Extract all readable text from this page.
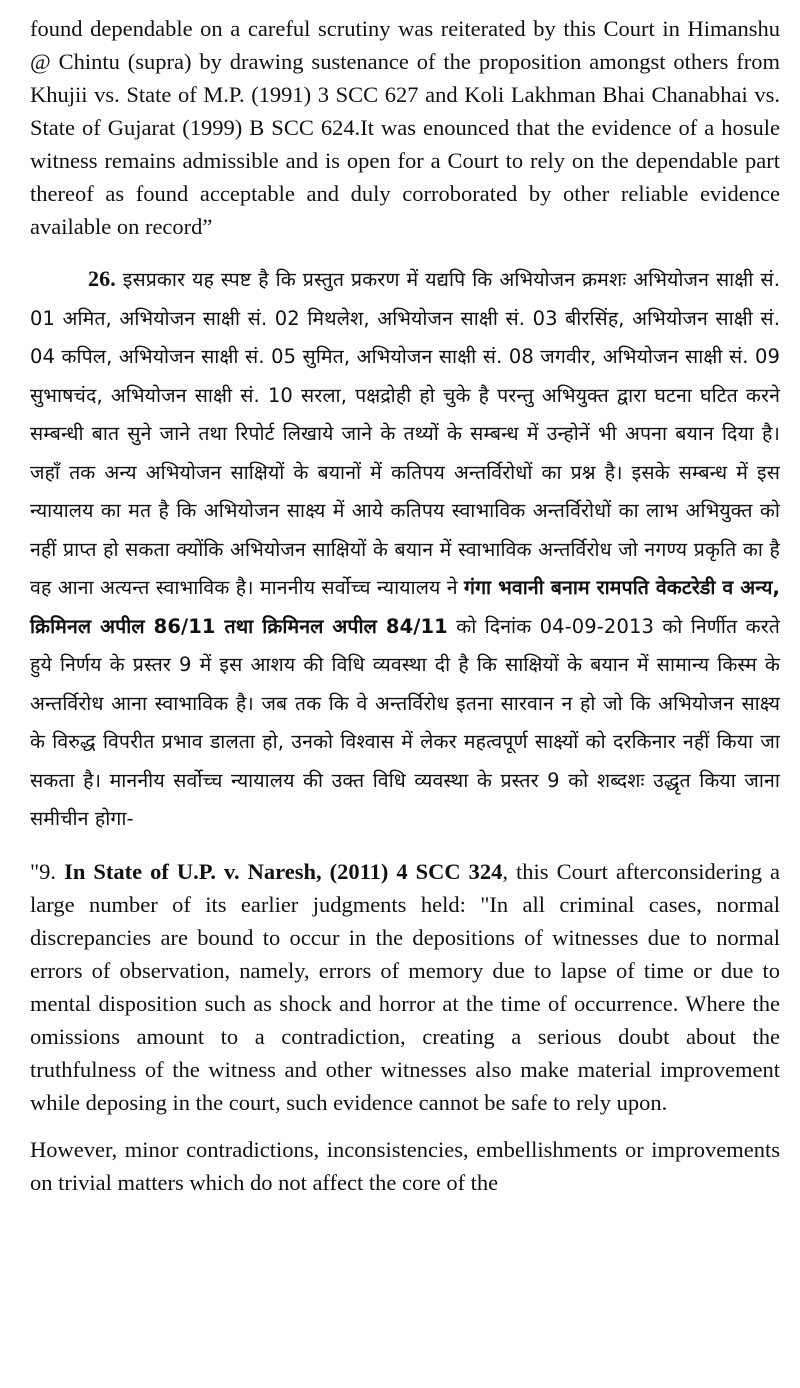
found dependable on a careful scrutiny was reiterated by this Court in Himanshu @ Chintu (supra) by drawing sustenance of the proposition amongst others from Khujii vs. State of M.P. (1991) 3 SCC 627 and Koli Lakhman Bhai Chanabhai vs. State of Gujarat (1999) B SCC 624.It was enounced that the evidence of a hosule witness remains admissible and is open for a Court to rely on the dependable part thereof as found acceptable and duly corroborated by other reliable evidence available on record”

26. इसप्रकार यह स्पष्ट है कि प्रस्तुत प्रकरण में यद्यपि कि अभियोजन क्रमशः अभियोजन साक्षी सं. 01 अमित, अभियोजन साक्षी सं. 02 मिथलेश, अभियोजन साक्षी सं. 03 बीरसिंह, अभियोजन साक्षी सं. 04 कपिल, अभियोजन साक्षी सं. 05 सुमित, अभियोजन साक्षी सं. 08 जगवीर, अभियोजन साक्षी सं. 09 सुभाषचंद, अभियोजन साक्षी सं. 10 सरला, पक्षद्रोही हो चुके है परन्तु अभियुक्त द्वारा घटना घटित करने सम्बन्धी बात सुने जाने तथा रिपोर्ट लिखाये जाने के तथ्यों के सम्बन्ध में उन्होनें भी अपना बयान दिया है। जहाँ तक अन्य अभियोजन साक्षियों के बयानों में कतिपय अन्तर्विरोधों का प्रश्न है। इसके सम्बन्ध में इस न्यायालय का मत है कि अभियोजन साक्ष्य में आये कतिपय स्वाभाविक अन्तर्विरोधों का लाभ अभियुक्त को नहीं प्राप्त हो सकता क्योंकि अभियोजन साक्षियों के बयान में स्वाभाविक अन्तर्विरोध जो नगण्य प्रकृति का है वह आना अत्यन्त स्वाभाविक है। माननीय सर्वोच्च न्यायालय ने गंगा भवानी बनाम रामपति वेकटरेडी व अन्य, क्रिमिनल अपील 86/11 तथा क्रिमिनल अपील 84/11 को दिनांक 04-09-2013 को निर्णीत करते हुये निर्णय के प्रस्तर 9 में इस आशय की विधि व्यवस्था दी है कि साक्षियों के बयान में सामान्य किस्म के अन्तर्विरोध आना स्वाभाविक है। जब तक कि वे अन्तर्विरोध इतना सारवान न हो जो कि अभियोजन साक्ष्य के विरुद्ध विपरीत प्रभाव डालता हो, उनको विश्वास में लेकर महत्वपूर्ण साक्ष्यों को दरकिनार नहीं किया जा सकता है। माननीय सर्वोच्च न्यायालय की उक्त विधि व्यवस्था के प्रस्तर 9 को शब्दशः उद्धृत किया जाना समीचीन होगा-

"9. In State of U.P. v. Naresh, (2011) 4 SCC 324, this Court afterconsidering a large number of its earlier judgments held: "In all criminal cases, normal discrepancies are bound to occur in the depositions of witnesses due to normal errors of observation, namely, errors of memory due to lapse of time or due to mental disposition such as shock and horror at the time of occurrence. Where the omissions amount to a contradiction, creating a serious doubt about the truthfulness of the witness and other witnesses also make material improvement while deposing in the court, such evidence cannot be safe to rely upon.

However, minor contradictions, inconsistencies, embellishments or improvements on trivial matters which do not affect the core of the
